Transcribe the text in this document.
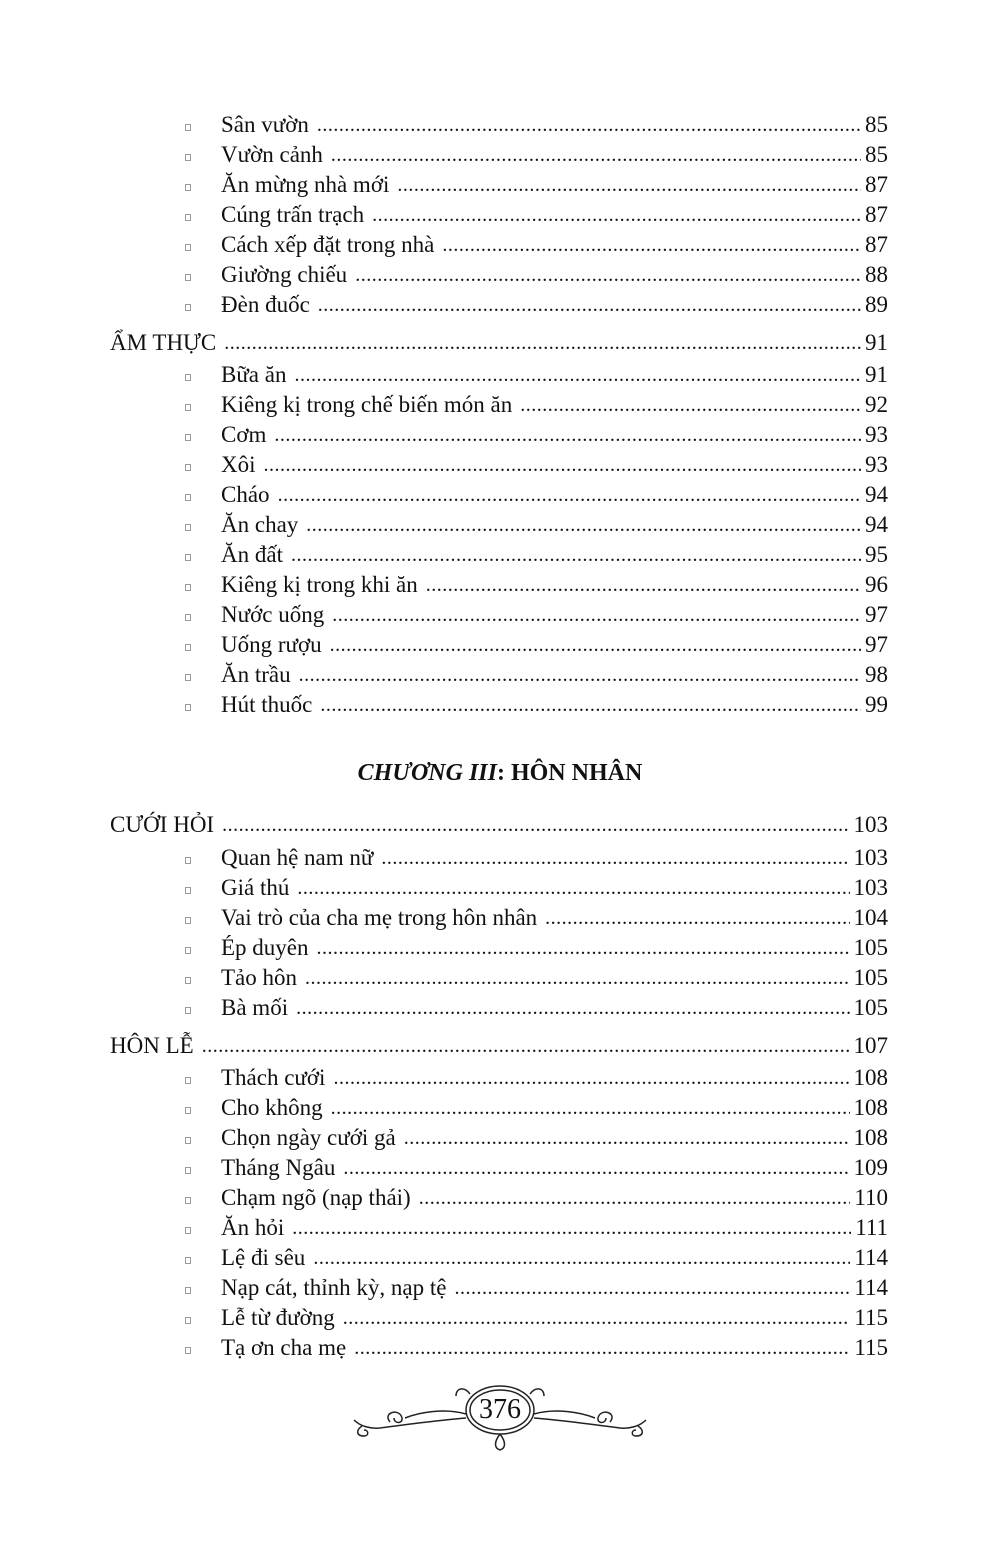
Sân vườn .....	85
Vườn cảnh .....	85
Ăn mừng nhà mới .....	87
Cúng trấn trạch .....	87
Cách xếp đặt trong nhà .....	87
Giường chiếu .....	88
Đèn đuốc .....	89
ẨM THỰC .....	91
Bữa ăn .....	91
Kiêng kị trong chế biến món ăn .....	92
Cơm .....	93
Xôi .....	93
Cháo .....	94
Ăn chay .....	94
Ăn đất .....	95
Kiêng kị trong khi ăn .....	96
Nước uống .....	97
Uống rượu .....	97
Ăn trầu .....	98
Hút thuốc .....	99
CƯỚI HỎI .....	103
Quan hệ nam nữ .....	103
Giá thú .....	103
Vai trò của cha mẹ trong hôn nhân .....	104
Ép duyên .....	105
Tảo hôn .....	105
Bà mối .....	105
HÔN LỄ .....	107
Thách cưới .....	108
Cho không .....	108
Chọn ngày cưới gả .....	108
Tháng Ngâu .....	109
Chạm ngõ (nạp thái) .....	110
Ăn hỏi .....	111
Lệ đi sêu .....	114
Nạp cát, thỉnh kỳ, nạp tệ .....	114
Lễ từ đường .....	115
Tạ ơn cha mẹ .....	115
CHƯƠNG III: HÔN NHÂN
376
